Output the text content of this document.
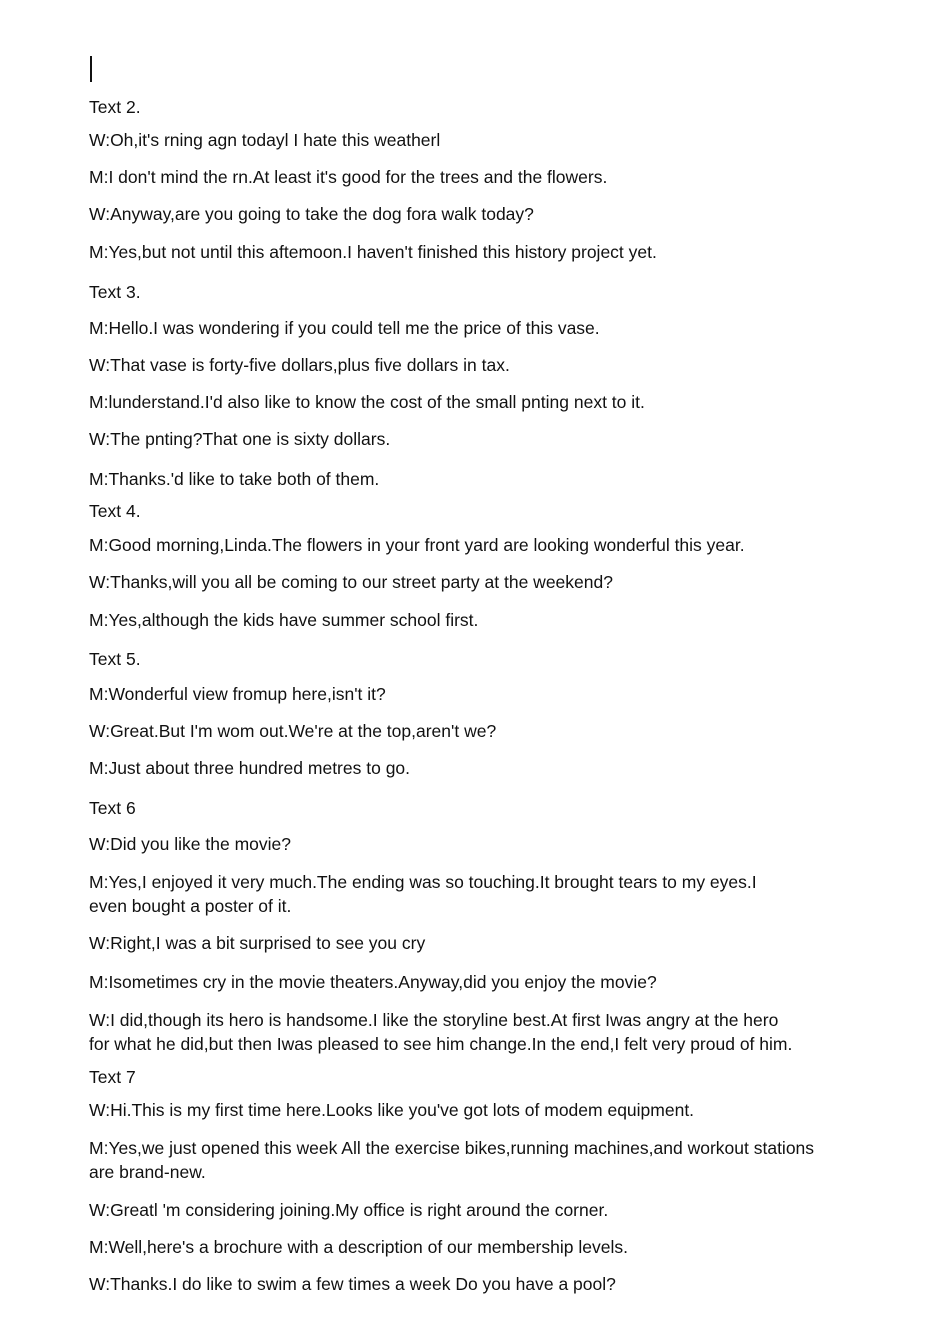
Text 2.
W:Oh,it's rning agn todayl I hate this weatherl
M:I don't mind the rn.At least it's good for the trees and the flowers.
W:Anyway,are you going to take the dog fora walk today?
M:Yes,but not until this aftemoon.I haven't finished this history project yet.
Text 3.
M:Hello.I was wondering if you could tell me the price of this vase.
W:That vase is forty-five dollars,plus five dollars in tax.
M:lunderstand.I'd also like to know the cost of the small pnting next to it.
W:The pnting?That one is sixty dollars.
M:Thanks.'d like to take both of them.
Text 4.
M:Good morning,Linda.The flowers in your front yard are looking wonderful this year.
W:Thanks,will you all be coming to our street party at the weekend?
M:Yes,although the kids have summer school first.
Text 5.
M:Wonderful view fromup here,isn't it?
W:Great.But I'm wom out.We're at the top,aren't we?
M:Just about three hundred metres to go.
Text 6
W:Did you like the movie?
M:Yes,I enjoyed it very much.The ending was so touching.It brought tears to my eyes.I
even bought a poster of it.
W:Right,I was a bit surprised to see you cry
M:Isometimes cry in the movie theaters.Anyway,did you enjoy the movie?
W:I did,though its hero is handsome.I like the storyline best.At first Iwas angry at the hero
for what he did,but then Iwas pleased to see him change.In the end,I felt very proud of him.
Text 7
W:Hi.This is my first time here.Looks like you've got lots of modem equipment.
M:Yes,we just opened this week All the exercise bikes,running machines,and workout stations
are brand-new.
W:Greatl 'm considering joining.My office is right around the corner.
M:Well,here's a brochure with a description of our membership levels.
W:Thanks.I do like to swim a few times a week Do you have a pool?
